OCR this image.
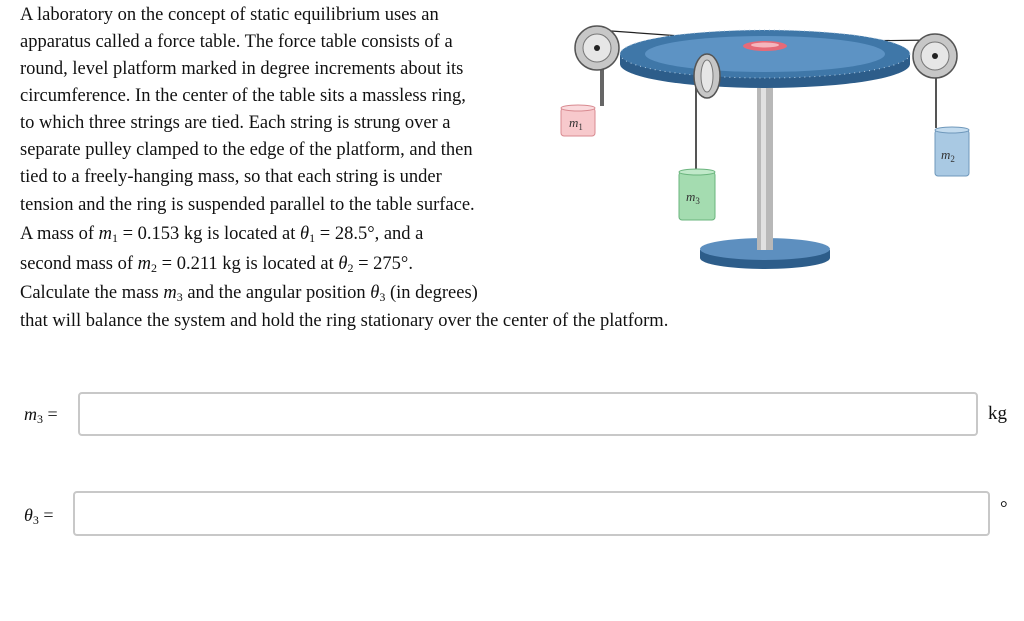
A laboratory on the concept of static equilibrium uses an
apparatus called a force table. The force table consists of a
round, level platform marked in degree increments about its
circumference. In the center of the table sits a massless ring,
to which three strings are tied. Each string is strung over a
separate pulley clamped to the edge of the platform, and then
tied to a freely-hanging mass, so that each string is under
tension and the ring is suspended parallel to the table surface.
A mass of $m_1 = 0.153$ kg is located at $\theta_1 = 28.5^\circ$, and a
second mass of $m_2 = 0.211$ kg is located at $\theta_2 = 275^\circ$.
Calculate the mass $m_3$ and the angular position $\theta_3$ (in degrees)
that will balance the system and hold the ring stationary over the center of the platform.
$m_1$
$m_2$
$m_3$
$m_3$ =	kg
$\theta_3$ =	°
